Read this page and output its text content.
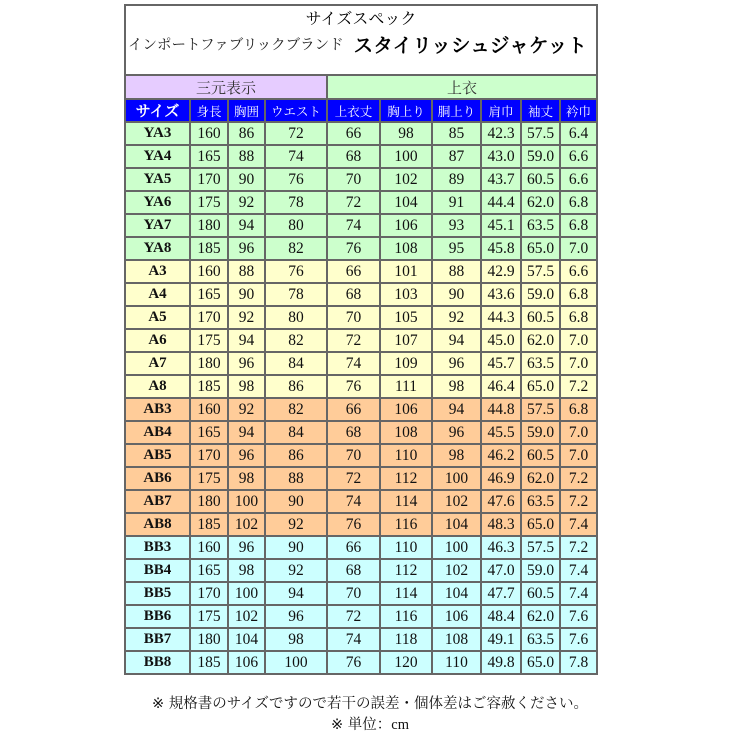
サイズスペック
インポートファブリックブランド スタイリッシュジャケット
三元表示				上衣					
サイズ	身長	胸囲	ウエスト	上衣丈	胸上り	胴上り	肩巾	袖丈	衿巾
YA3	160	86	72	66	98	85	42.3	57.5	6.4
YA4	165	88	74	68	100	87	43.0	59.0	6.6
YA5	170	90	76	70	102	89	43.7	60.5	6.6
YA6	175	92	78	72	104	91	44.4	62.0	6.8
YA7	180	94	80	74	106	93	45.1	63.5	6.8
YA8	185	96	82	76	108	95	45.8	65.0	7.0
A3	160	88	76	66	101	88	42.9	57.5	6.6
A4	165	90	78	68	103	90	43.6	59.0	6.8
A5	170	92	80	70	105	92	44.3	60.5	6.8
A6	175	94	82	72	107	94	45.0	62.0	7.0
A7	180	96	84	74	109	96	45.7	63.5	7.0
A8	185	98	86	76	111	98	46.4	65.0	7.2
AB3	160	92	82	66	106	94	44.8	57.5	6.8
AB4	165	94	84	68	108	96	45.5	59.0	7.0
AB5	170	96	86	70	110	98	46.2	60.5	7.0
AB6	175	98	88	72	112	100	46.9	62.0	7.2
AB7	180	100	90	74	114	102	47.6	63.5	7.2
AB8	185	102	92	76	116	104	48.3	65.0	7.4
BB3	160	96	90	66	110	100	46.3	57.5	7.2
BB4	165	98	92	68	112	102	47.0	59.0	7.4
BB5	170	100	94	70	114	104	47.7	60.5	7.4
BB6	175	102	96	72	116	106	48.4	62.0	7.6
BB7	180	104	98	74	118	108	49.1	63.5	7.6
BB8	185	106	100	76	120	110	49.8	65.0	7.8
※ 規格書のサイズですので若干の誤差・個体差はご容赦ください。
※ 単位：cm
